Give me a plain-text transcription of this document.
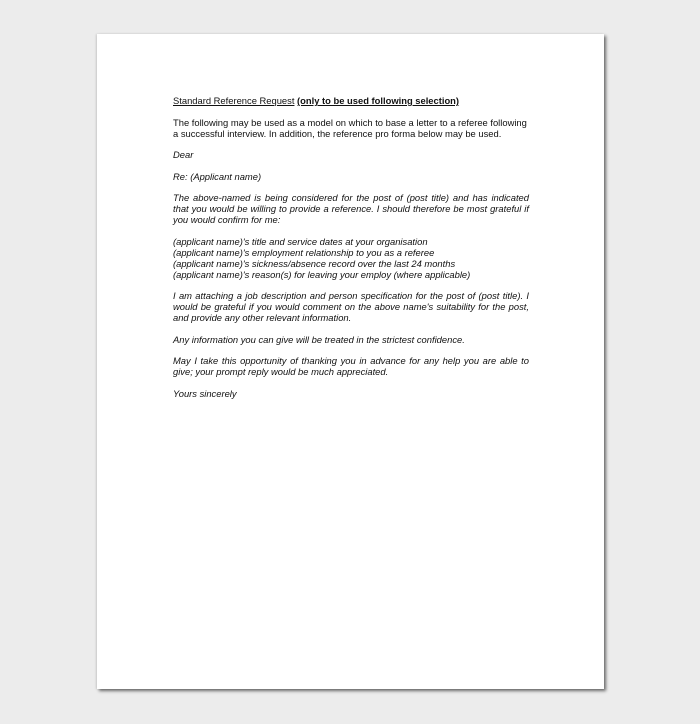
Standard Reference Request (only to be used following selection)

The following may be used as a model on which to base a letter to a referee following
a successful interview. In addition, the reference pro forma below may be used.

Dear

Re: (Applicant name)

The above-named is being considered for the post of (post title) and has indicated that you would be willing to provide a reference. I should therefore be most grateful if you would confirm for me:

(applicant name)'s title and service dates at your organisation
(applicant name)'s employment relationship to you as a referee
(applicant name)'s sickness/absence record over the last 24 months
(applicant name)'s reason(s) for leaving your employ (where applicable)

I am attaching a job description and person specification for the post of (post title). I would be grateful if you would comment on the above name's suitability for the post, and provide any other relevant information.

Any information you can give will be treated in the strictest confidence.

May I take this opportunity of thanking you in advance for any help you are able to give; your prompt reply would be much appreciated.

Yours sincerely
